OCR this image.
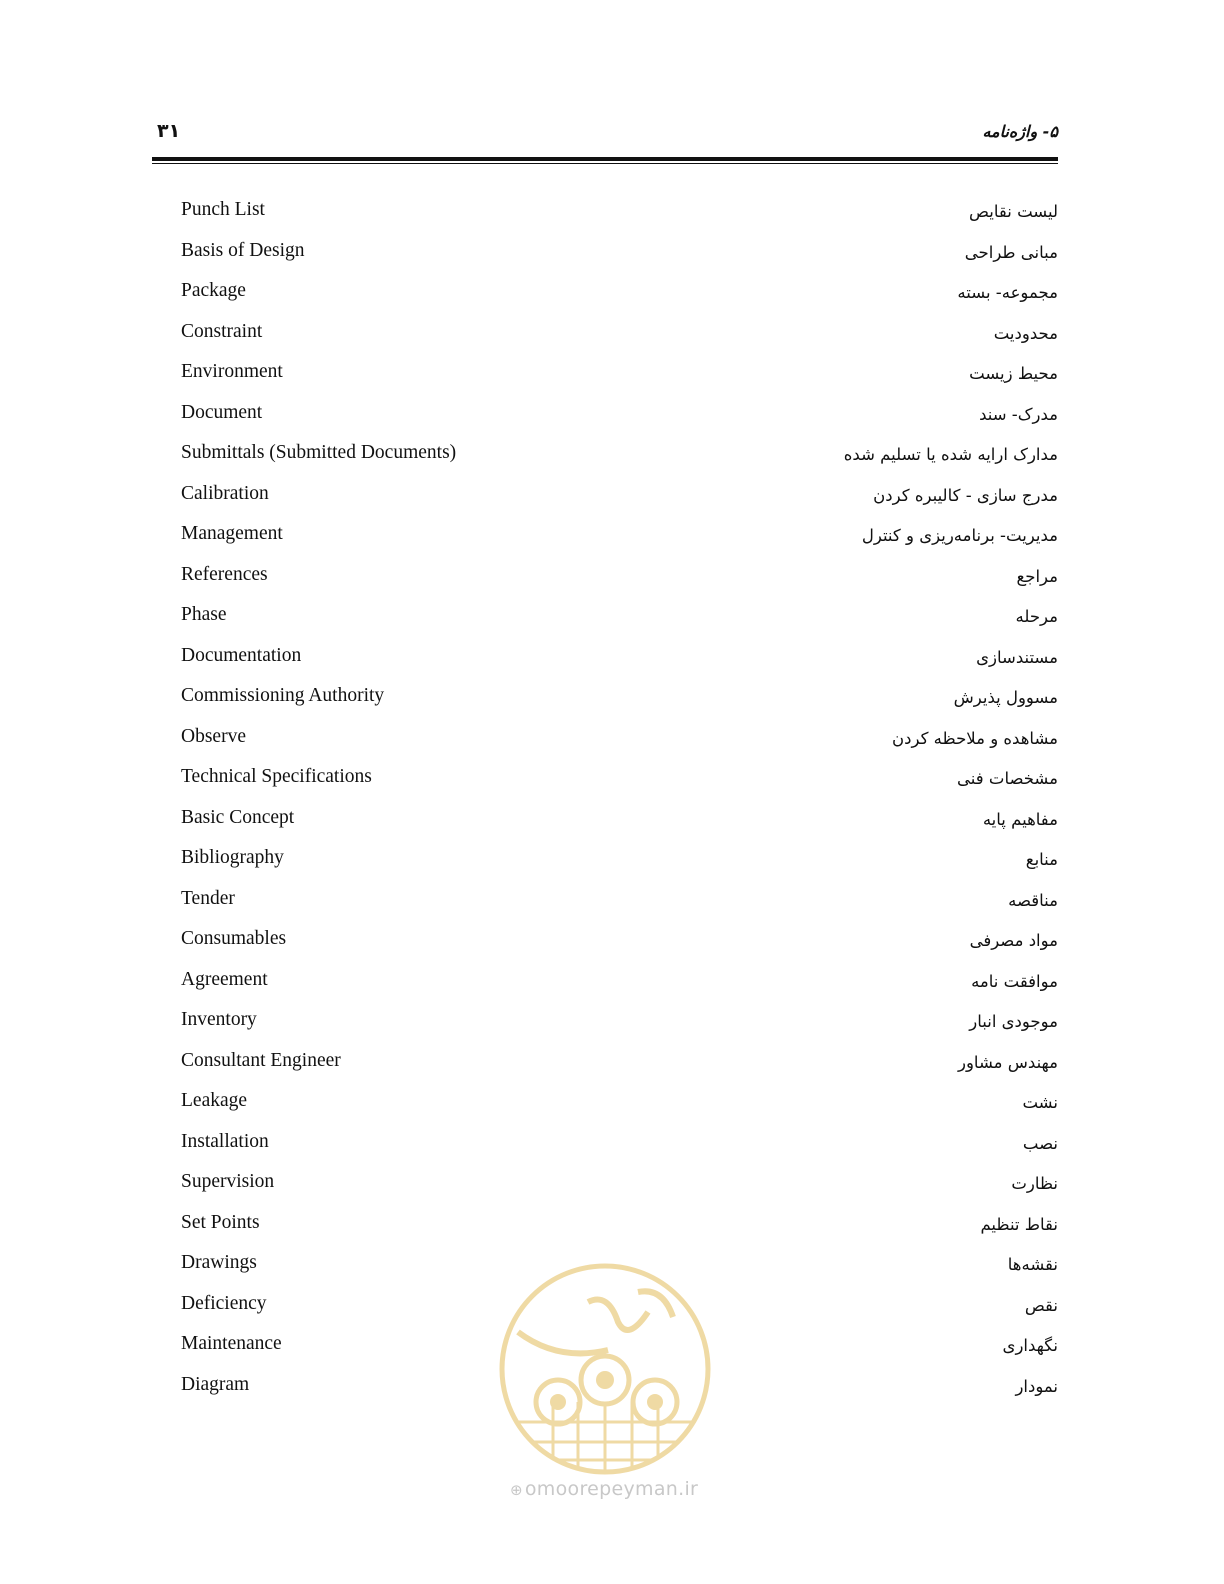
۳۱	۵- واژه‌نامه
Punch List	لیست نقایص
Basis of Design	مبانی طراحی
Package	مجموعه- بسته
Constraint	محدودیت
Environment	محیط زیست
Document	مدرک- سند
Submittals (Submitted Documents)	مدارک ارایه شده یا تسلیم شده
Calibration	مدرج سازی - کالیبره کردن
Management	مدیریت- برنامه‌ریزی و کنترل
References	مراجع
Phase	مرحله
Documentation	مستندسازی
Commissioning Authority	مسوول پذیرش
Observe	مشاهده و ملاحظه کردن
Technical Specifications	مشخصات فنی
Basic Concept	مفاهیم پایه
Bibliography	منابع
Tender	مناقصه
Consumables	مواد مصرفی
Agreement	موافقت نامه
Inventory	موجودی انبار
Consultant Engineer	مهندس مشاور
Leakage	نشت
Installation	نصب
Supervision	نظارت
Set Points	نقاط تنظیم
Drawings	نقشه‌ها
Deficiency	نقص
Maintenance	نگهداری
Diagram	نمودار
⊕ omoorepeyman.ir
